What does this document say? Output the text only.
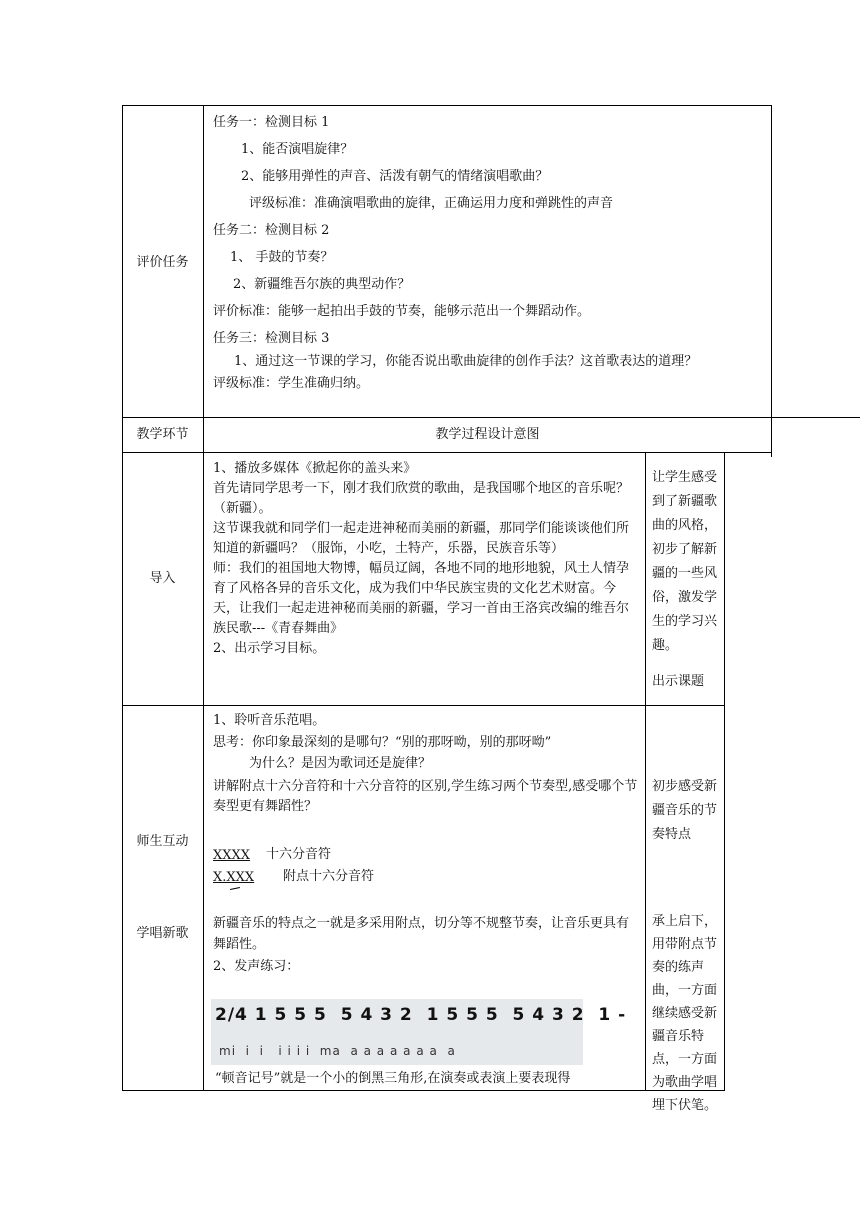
评价任务
任务一：检测目标 1
1、能否演唱旋律？
2、能够用弹性的声音、活泼有朝气的情绪演唱歌曲？
评级标准：准确演唱歌曲的旋律，正确运用力度和弹跳性的声音
任务二：检测目标 2
1、 手鼓的节奏？
2、新疆维吾尔族的典型动作？
评价标准：能够一起拍出手鼓的节奏，能够示范出一个舞蹈动作。
任务三：检测目标 3
1、通过这一节课的学习，你能否说出歌曲旋律的创作手法？这首歌表达的道理？
评级标准：学生准确归纳。
教学环节	教学过程设计意图
导入

1、播放多媒体《掀起你的盖头来》

首先请同学思考一下，刚才我们欣赏的歌曲，是我国哪个地区的音乐呢？（新疆）。

这节课我就和同学们一起走进神秘而美丽的新疆，那同学们能谈谈他们所知道的新疆吗？（服饰，小吃，土特产，乐器，民族音乐等）

师：我们的祖国地大物博，幅员辽阔，各地不同的地形地貌，风土人情孕育了风格各异的音乐文化，成为我们中华民族宝贵的文化艺术财富。今天，让我们一起走进神秘而美丽的新疆，学习一首由王洛宾改编的维吾尔族民歌---《青春舞曲》

2、出示学习目标。

让学生感受到了新疆歌曲的风格，初步了解新疆的一些风俗，激发学生的学习兴趣。
出示课题
师生互动
学唱新歌
1、聆听音乐范唱。
思考：你印象最深刻的是哪句？“别的那呀呦，别的那呀呦”
为什么？是因为歌词还是旋律？
讲解附点十六分音符和十六分音符的区别,学生练习两个节奏型,感受哪个节奏型更有舞蹈性？
XXXX 十六分音符
X.XXX 附点十六分音符
新疆音乐的特点之一就是多采用附点，切分等不规整节奏，让音乐更具有舞蹈性。
2、发声练习：
2/4 1 5 5 5  5 4 3 2  1 5 5 5  5 4 3 2  1 -
mi  i  i   i i i i  ma  a a a a a a a  a
“顿音记号”就是一个小的倒黑三角形,在演奏或表演上要表现得
初步感受新疆音乐的节奏特点
承上启下，用带附点节奏的练声曲，一方面继续感受新疆音乐特点，一方面为歌曲学唱埋下伏笔。
